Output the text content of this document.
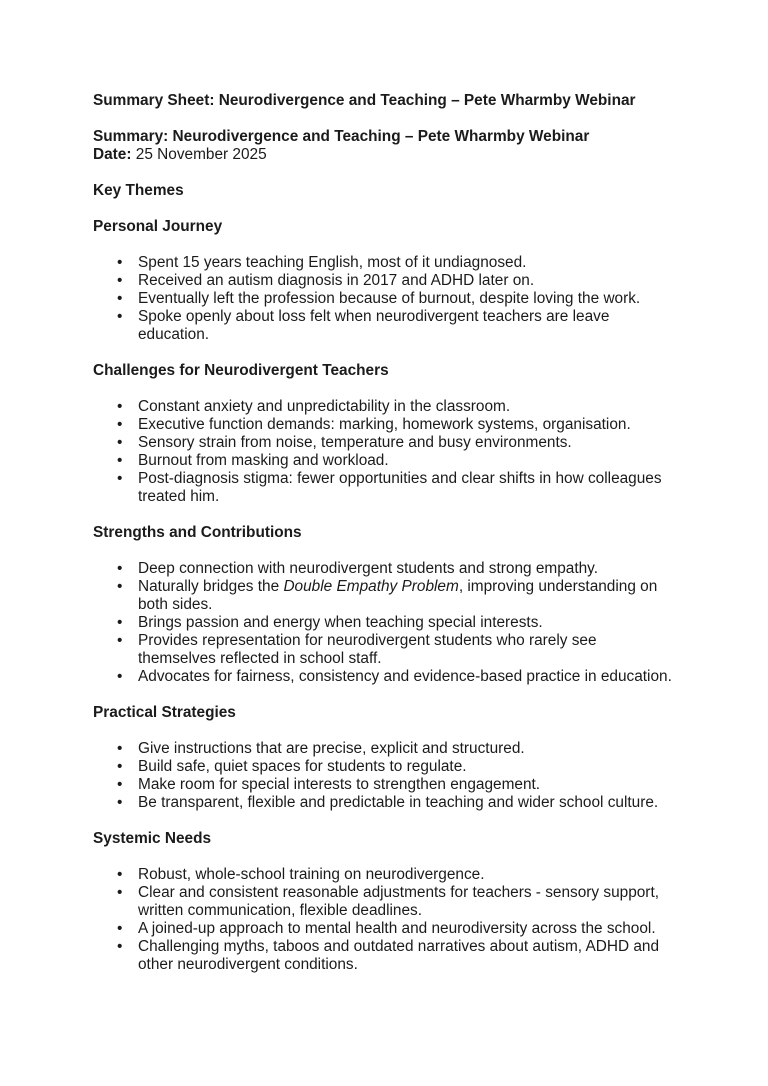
Summary Sheet: Neurodivergence and Teaching – Pete Wharmby Webinar

Summary: Neurodivergence and Teaching – Pete Wharmby Webinar

Date: 25 November 2025

Key Themes

Personal Journey

• Spent 15 years teaching English, most of it undiagnosed.
• Received an autism diagnosis in 2017 and ADHD later on.
• Eventually left the profession because of burnout, despite loving the work.
• Spoke openly about loss felt when neurodivergent teachers are leave education.

Challenges for Neurodivergent Teachers

• Constant anxiety and unpredictability in the classroom.
• Executive function demands: marking, homework systems, organisation.
• Sensory strain from noise, temperature and busy environments.
• Burnout from masking and workload.
• Post-diagnosis stigma: fewer opportunities and clear shifts in how colleagues treated him.

Strengths and Contributions

• Deep connection with neurodivergent students and strong empathy.
• Naturally bridges the Double Empathy Problem, improving understanding on both sides.
• Brings passion and energy when teaching special interests.
• Provides representation for neurodivergent students who rarely see themselves reflected in school staff.
• Advocates for fairness, consistency and evidence-based practice in education.

Practical Strategies

• Give instructions that are precise, explicit and structured.
• Build safe, quiet spaces for students to regulate.
• Make room for special interests to strengthen engagement.
• Be transparent, flexible and predictable in teaching and wider school culture.

Systemic Needs

• Robust, whole-school training on neurodivergence.
• Clear and consistent reasonable adjustments for teachers - sensory support, written communication, flexible deadlines.
• A joined-up approach to mental health and neurodiversity across the school.
• Challenging myths, taboos and outdated narratives about autism, ADHD and other neurodivergent conditions.
